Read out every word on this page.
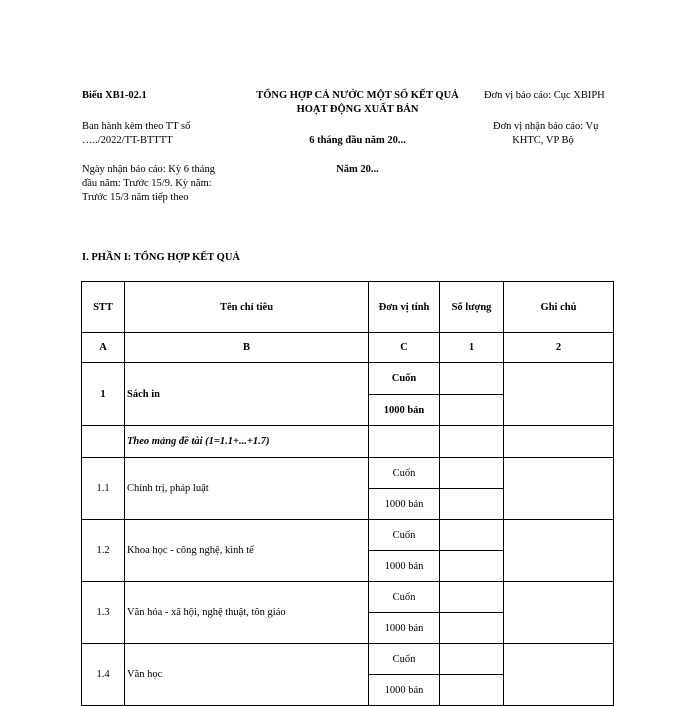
Biểu XB1-02.1	TỔNG HỢP CẢ NƯỚC MỘT SỐ KẾT QUẢ
HOẠT ĐỘNG XUẤT BẢN
Đơn vị báo cáo: Cục XBIPH
Ban hành kèm theo TT số
…../2022/TT-BTTTT	6 tháng đầu năm 20...
Đơn vị nhận báo cáo: Vụ
KHTC, VP Bộ
Ngày nhận báo cáo: Kỳ 6 tháng
đầu năm: Trước 15/9. Kỳ năm:
Trước 15/3 năm tiếp theo
Năm 20...
I. PHẦN I: TỔNG HỢP KẾT QUẢ
STT	Tên chỉ tiêu	Đơn vị tính	Số lượng	Ghi chú
A	B	C	1	2
1	Sách in	Cuốn		
		1000 bản		
	Theo mảng đề tài (1=1.1+...+1.7)			
1.1	Chính trị, pháp luật	Cuốn		
		1000 bản		
1.2	Khoa học - công nghệ, kinh tế	Cuốn		
		1000 bản		
1.3	Văn hóa - xã hội, nghệ thuật, tôn giáo	Cuốn		
		1000 bản		
1.4	Văn học	Cuốn		
		1000 bản		
